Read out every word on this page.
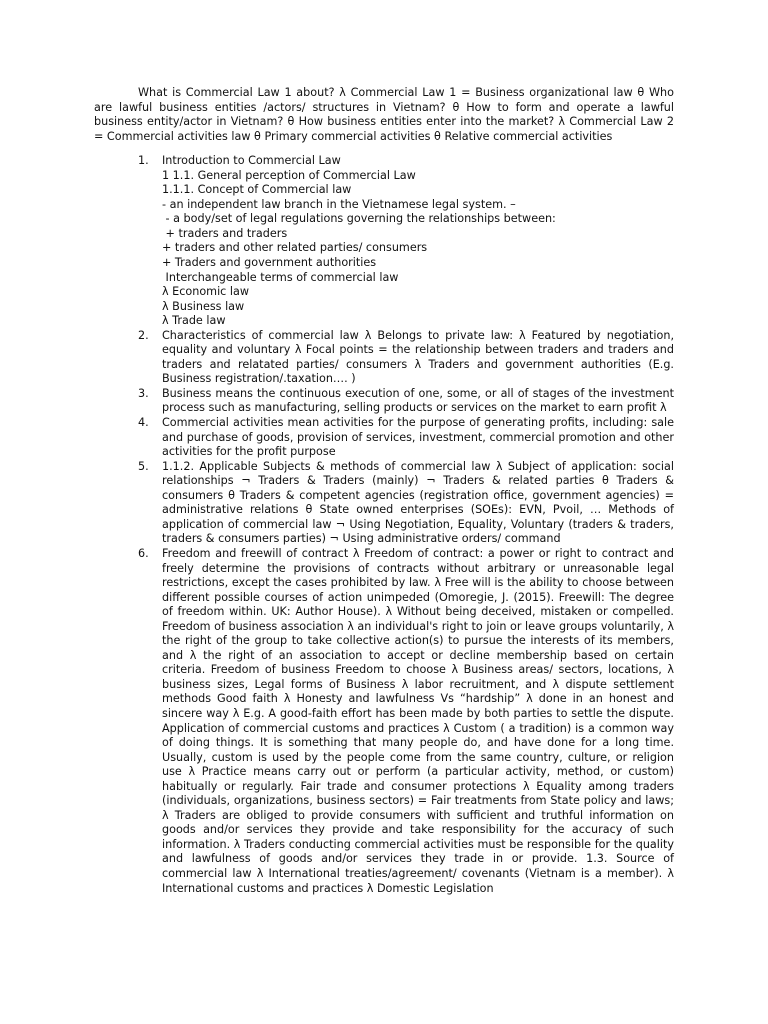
What is Commercial Law 1 about? λ Commercial Law 1 = Business organizational law θ Who are lawful business entities /actors/ structures in Vietnam? θ How to form and operate a lawful business entity/actor in Vietnam? θ How business entities enter into the market? λ Commercial Law 2 = Commercial activities law θ Primary commercial activities θ Relative commercial activities

1. Introduction to Commercial Law
1 1.1. General perception of Commercial Law
1.1.1. Concept of Commercial law
- an independent law branch in the Vietnamese legal system. –
- a body/set of legal regulations governing the relationships between:
+ traders and traders
+ traders and other related parties/ consumers
+ Traders and government authorities
Interchangeable terms of commercial law
λ Economic law
λ Business law
λ Trade law
2. Characteristics of commercial law λ Belongs to private law: λ Featured by negotiation, equality and voluntary λ Focal points = the relationship between traders and traders and traders and relatated parties/ consumers λ Traders and government authorities (E.g. Business registration/.taxation…. )
3. Business means the continuous execution of one, some, or all of stages of the investment process such as manufacturing, selling products or services on the market to earn profit λ
4. Commercial activities mean activities for the purpose of generating profits, including: sale and purchase of goods, provision of services, investment, commercial promotion and other activities for the profit purpose
5. 1.1.2. Applicable Subjects & methods of commercial law λ Subject of application: social relationships ¬ Traders & Traders (mainly) ¬ Traders & related parties θ Traders & consumers θ Traders & competent agencies (registration office, government agencies) = administrative relations θ State owned enterprises (SOEs): EVN, Pvoil, … Methods of application of commercial law ¬ Using Negotiation, Equality, Voluntary (traders & traders, traders & consumers parties) ¬ Using administrative orders/ command
6. Freedom and freewill of contract λ Freedom of contract: a power or right to contract and freely determine the provisions of contracts without arbitrary or unreasonable legal restrictions, except the cases prohibited by law. λ Free will is the ability to choose between different possible courses of action unimpeded (Omoregie, J. (2015). Freewill: The degree of freedom within. UK: Author House). λ Without being deceived, mistaken or compelled. Freedom of business association λ an individual's right to join or leave groups voluntarily, λ the right of the group to take collective action(s) to pursue the interests of its members, and λ the right of an association to accept or decline membership based on certain criteria. Freedom of business Freedom to choose λ Business areas/ sectors, locations, λ business sizes, Legal forms of Business λ labor recruitment, and λ dispute settlement methods Good faith λ Honesty and lawfulness Vs “hardship” λ done in an honest and sincere way λ E.g. A good-faith effort has been made by both parties to settle the dispute. Application of commercial customs and practices λ Custom ( a tradition) is a common way of doing things. It is something that many people do, and have done for a long time. Usually, custom is used by the people come from the same country, culture, or religion use λ Practice means carry out or perform (a particular activity, method, or custom) habitually or regularly. Fair trade and consumer protections λ Equality among traders (individuals, organizations, business sectors) = Fair treatments from State policy and laws; λ Traders are obliged to provide consumers with sufficient and truthful information on goods and/or services they provide and take responsibility for the accuracy of such information. λ Traders conducting commercial activities must be responsible for the quality and lawfulness of goods and/or services they trade in or provide. 1.3. Source of commercial law λ International treaties/agreement/ covenants (Vietnam is a member). λ International customs and practices λ Domestic Legislation
